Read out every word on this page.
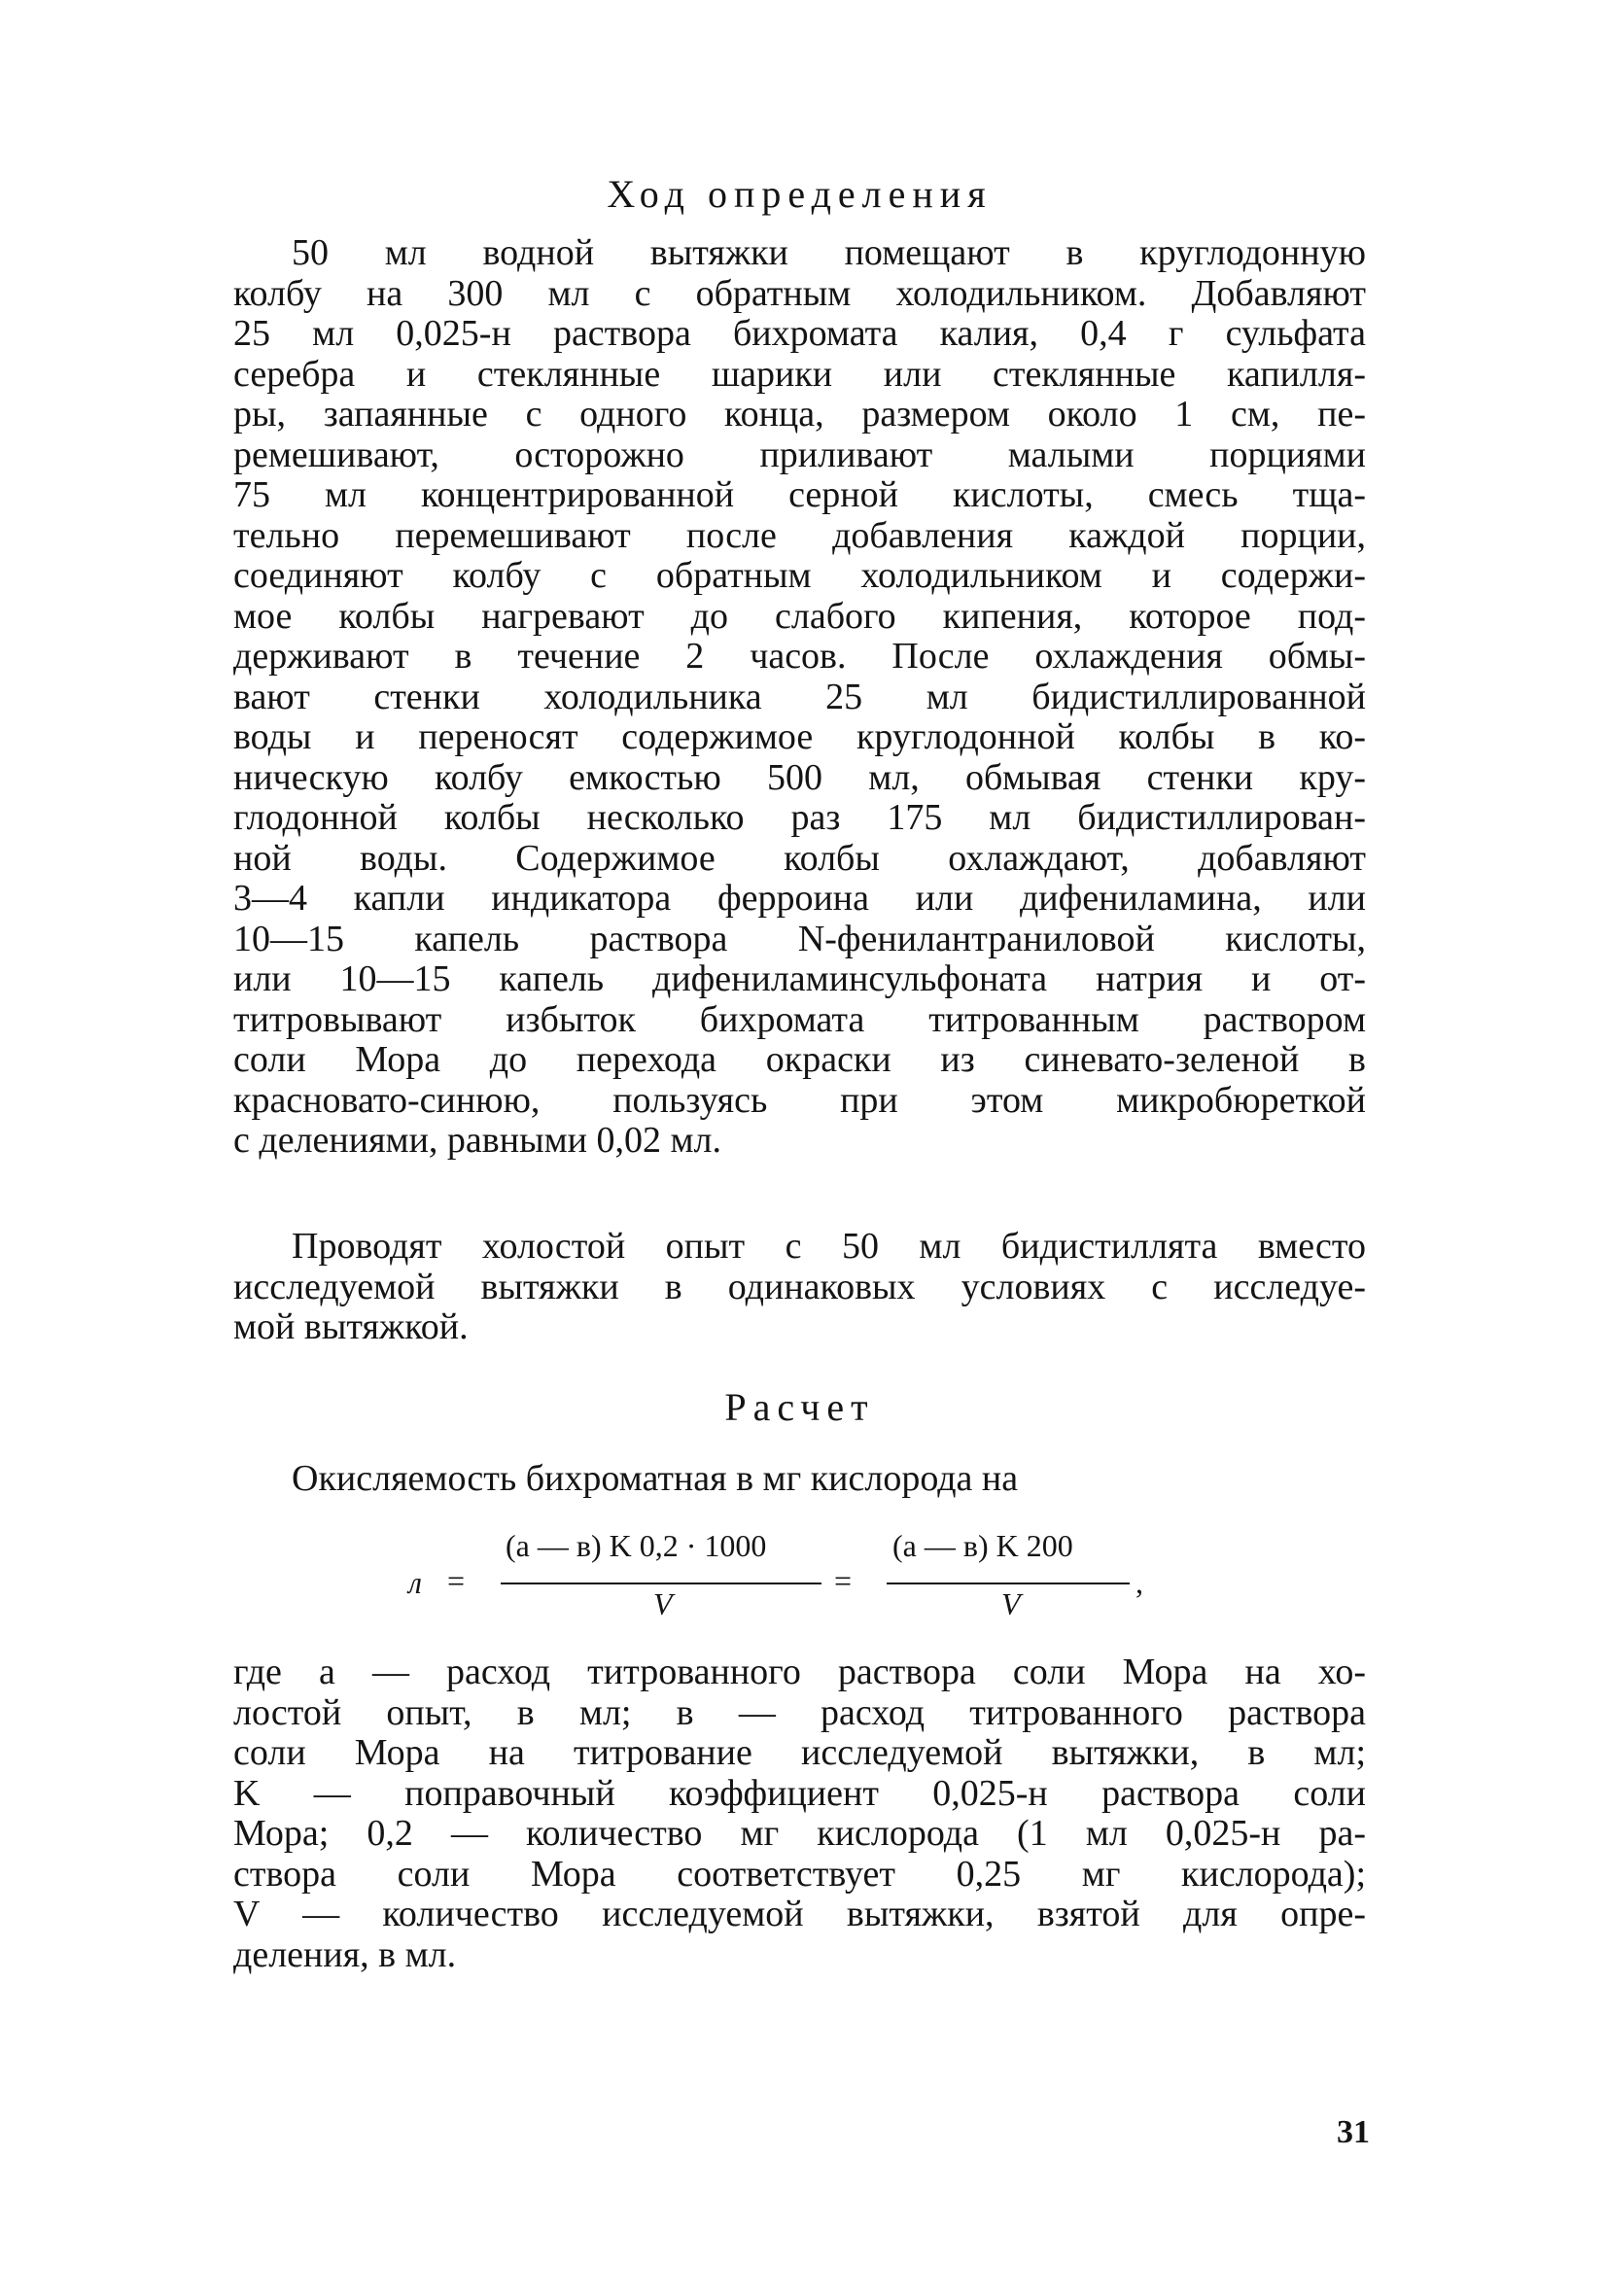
Ход определения
50 мл водной вытяжки помещают в круглодонную
колбу на 300 мл с обратным холодильником. Добавляют
25 мл 0,025-н раствора бихромата калия, 0,4 г сульфата
серебра и стеклянные шарики или стеклянные капилля-
ры, запаянные с одного конца, размером около 1 см, пе-
ремешивают, осторожно приливают малыми порциями
75 мл концентрированной серной кислоты, смесь тща-
тельно перемешивают после добавления каждой порции,
соединяют колбу с обратным холодильником и содержи-
мое колбы нагревают до слабого кипения, которое под-
держивают в течение 2 часов. После охлаждения обмы-
вают стенки холодильника 25 мл бидистиллированной
воды и переносят содержимое круглодонной колбы в ко-
ническую колбу емкостью 500 мл, обмывая стенки кру-
глодонной колбы несколько раз 175 мл бидистиллирован-
ной воды. Содержимое колбы охлаждают, добавляют
3—4 капли индикатора ферроина или дифениламина, или
10—15 капель раствора N-фенилантраниловой кислоты,
или 10—15 капель дифениламинсульфоната натрия и от-
титровывают избыток бихромата титрованным раствором
соли Мора до перехода окраски из синевато-зеленой в
красновато-синюю, пользуясь при этом микробюреткой
с делениями, равными 0,02 мл.
Проводят холостой опыт с 50 мл бидистиллята вместо
исследуемой вытяжки в одинаковых условиях с исследуе-
мой вытяжкой.
Расчет
Окисляемость бихроматная в мг кислорода на
л =
(а — в) K 0,2 · 1000
V
=
(а — в) K 200
V
,
где а — расход титрованного раствора соли Мора на хо-
лостой опыт, в мл; в — расход титрованного раствора
соли Мора на титрование исследуемой вытяжки, в мл;
K — поправочный коэффициент 0,025-н раствора соли
Мора; 0,2 — количество мг кислорода (1 мл 0,025-н ра-
створа соли Мора соответствует 0,25 мг кислорода);
V — количество исследуемой вытяжки, взятой для опре-
деления, в мл.
31
